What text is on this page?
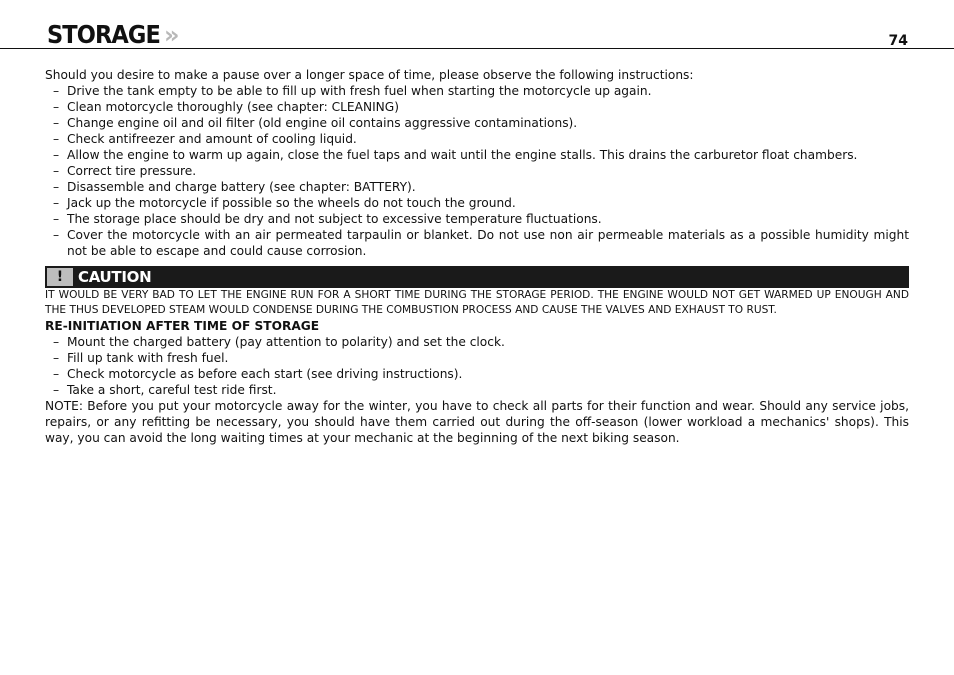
STORAGE »	74

Should you desire to make a pause over a longer space of time, please observe the following instructions:

– Drive the tank empty to be able to fill up with fresh fuel when starting the motorcycle up again.
– Clean motorcycle thoroughly (see chapter: CLEANING)
– Change engine oil and oil filter (old engine oil contains aggressive contaminations).
– Check antifreezer and amount of cooling liquid.
– Allow the engine to warm up again, close the fuel taps and wait until the engine stalls. This drains the carburetor float chambers.
– Correct tire pressure.
– Disassemble and charge battery (see chapter: BATTERY).
– Jack up the motorcycle if possible so the wheels do not touch the ground.
– The storage place should be dry and not subject to excessive temperature fluctuations.
– Cover the motorcycle with an air permeated tarpaulin or blanket. Do not use non air permeable materials as a possible humidity might not be able to escape and could cause corrosion.
! CAUTION

IT WOULD BE VERY BAD TO LET THE ENGINE RUN FOR A SHORT TIME DURING THE STORAGE PERIOD. THE ENGINE WOULD NOT GET WARMED UP ENOUGH AND THE THUS DEVELOPED STEAM WOULD CONDENSE DURING THE COMBUSTION PROCESS AND CAUSE THE VALVES AND EXHAUST TO RUST.

RE-INITIATION AFTER TIME OF STORAGE

– Mount the charged battery (pay attention to polarity) and set the clock.
– Fill up tank with fresh fuel.
– Check motorcycle as before each start (see driving instructions).
– Take a short, careful test ride first.

NOTE: Before you put your motorcycle away for the winter, you have to check all parts for their function and wear. Should any service jobs, repairs, or any refitting be necessary, you should have them carried out during the off-season (lower workload a mechanics' shops). This way, you can avoid the long waiting times at your mechanic at the beginning of the next biking season.
